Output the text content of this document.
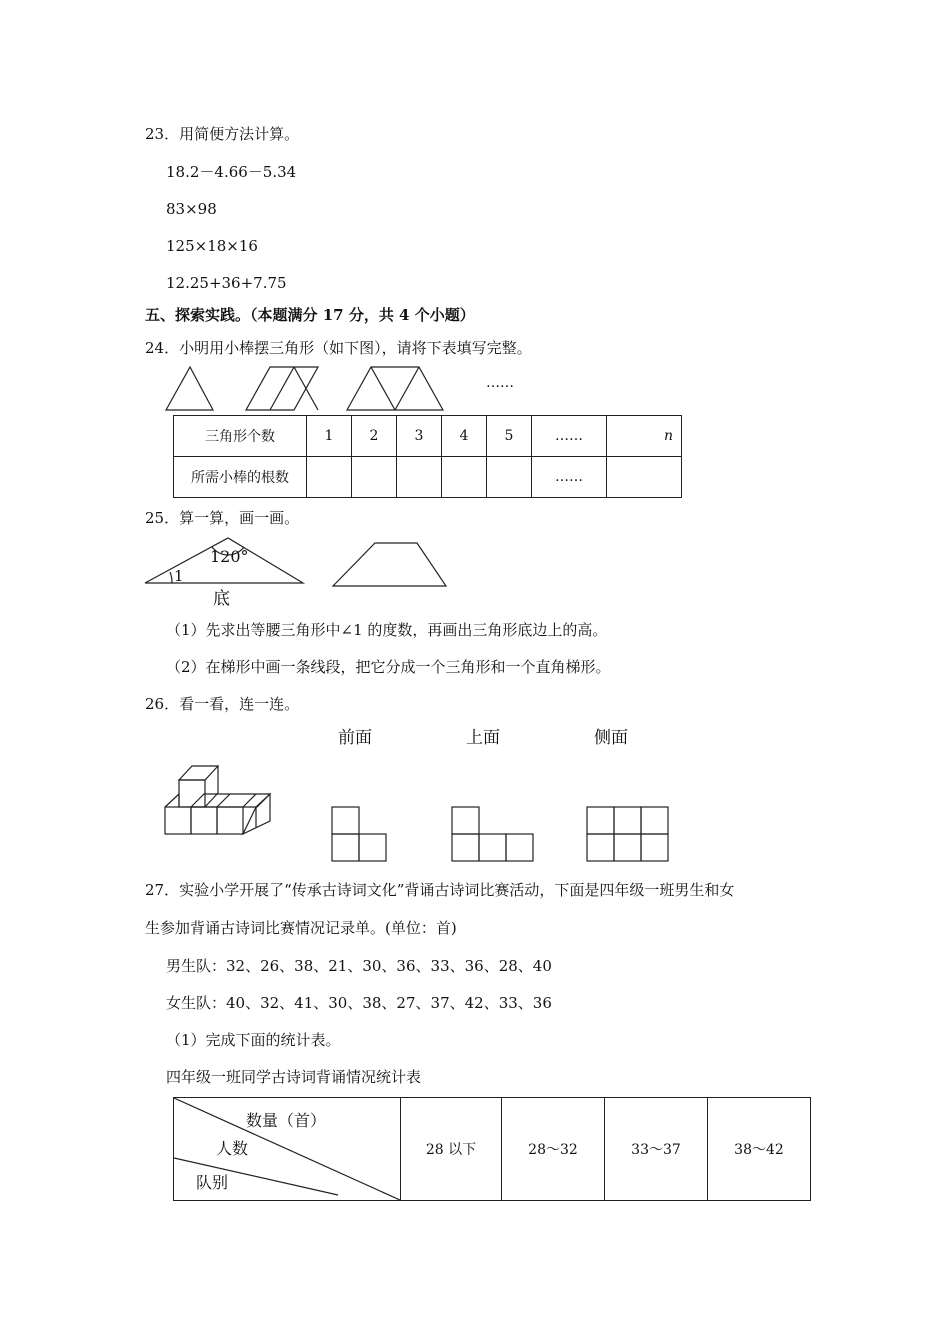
23．用简便方法计算。
18.2－4.66－5.34
83×98
125×18×16
12.25+36+7.75
五、探索实践。（本题满分 17 分，共 4 个小题）
24．小明用小棒摆三角形（如下图），请将下表填写完整。
……
三角形个数	1	2	3	4	5	……	n
所需小棒的根数						……	
25．算一算，画一画。
120°
1
底
（1）先求出等腰三角形中∠1 的度数，再画出三角形底边上的高。
（2）在梯形中画一条线段，把它分成一个三角形和一个直角梯形。
26．看一看，连一连。
前面	上面	侧面
27．实验小学开展了“传承古诗词文化”背诵古诗词比赛活动，下面是四年级一班男生和女
生参加背诵古诗词比赛情况记录单。(单位：首)
男生队：32、26、38、21、30、36、33、36、28、40
女生队：40、32、41、30、38、27、37、42、33、36
（1）完成下面的统计表。
四年级一班同学古诗词背诵情况统计表
数量（首）
人数
队别
	28 以下	28～32	33～37	38～42
